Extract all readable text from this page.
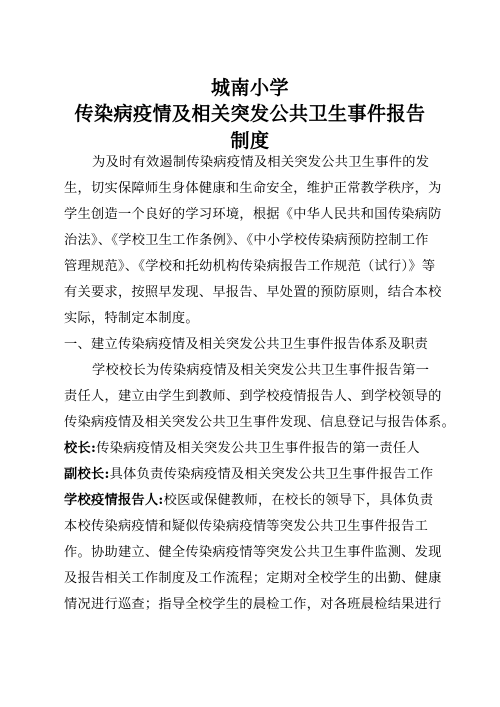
城南小学
传染病疫情及相关突发公共卫生事件报告
制度
为及时有效遏制传染病疫情及相关突发公共卫生事件的发
生，切实保障师生身体健康和生命安全，维护正常教学秩序，为
学生创造一个良好的学习环境，根据《中华人民共和国传染病防
治法》、《学校卫生工作条例》、《中小学校传染病预防控制工作
管理规范》、《学校和托幼机构传染病报告工作规范（试行）》等
有关要求，按照早发现、早报告、早处置的预防原则，结合本校
实际，特制定本制度。
一、建立传染病疫情及相关突发公共卫生事件报告体系及职责
学校校长为传染病疫情及相关突发公共卫生事件报告第一
责任人，建立由学生到教师、到学校疫情报告人、到学校领导的
传染病疫情及相关突发公共卫生事件发现、信息登记与报告体系。
校长:传染病疫情及相关突发公共卫生事件报告的第一责任人
副校长:具体负责传染病疫情及相关突发公共卫生事件报告工作
学校疫情报告人:校医或保健教师，在校长的领导下，具体负责
本校传染病疫情和疑似传染病疫情等突发公共卫生事件报告工
作。协助建立、健全传染病疫情等突发公共卫生事件监测、发现
及报告相关工作制度及工作流程；定期对全校学生的出勤、健康
情况进行巡查；指导全校学生的晨检工作，对各班晨检结果进行
